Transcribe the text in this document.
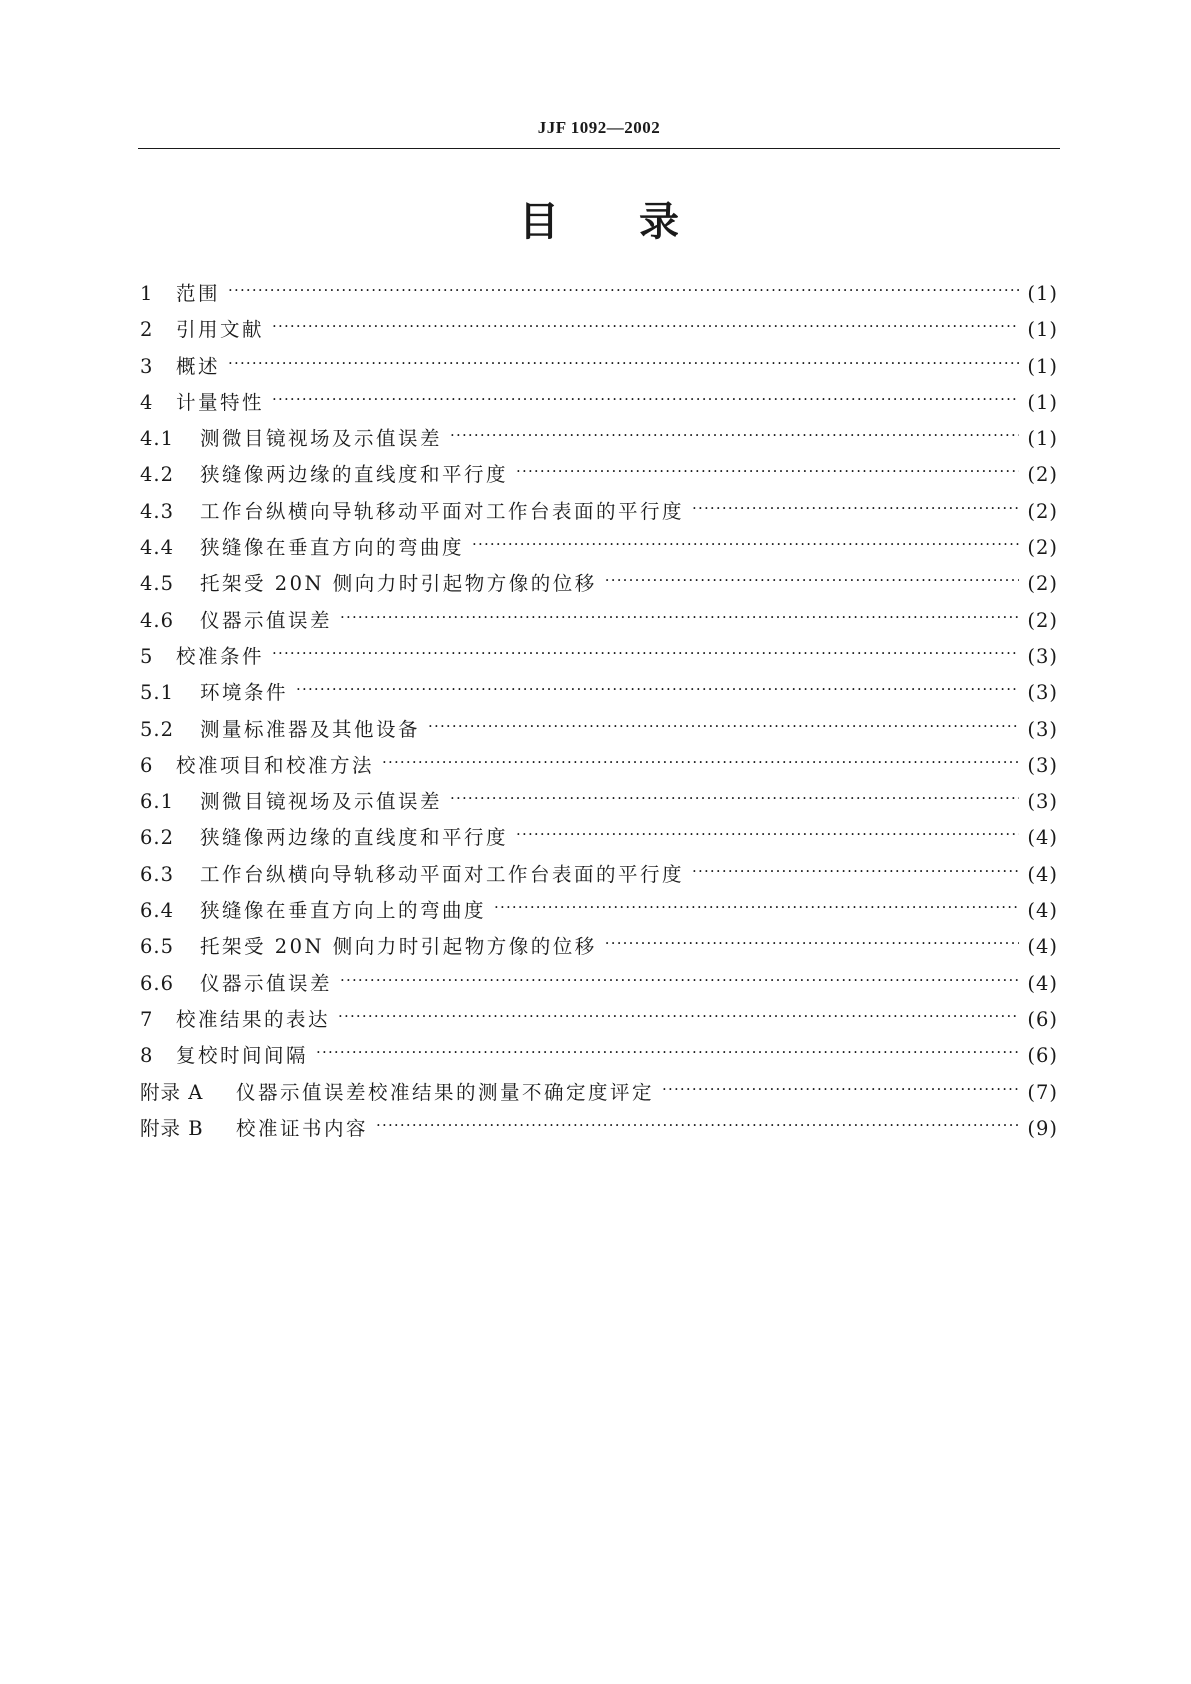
JJF 1092—2002
目 录
1	范围 ·····	(1)
2	引用文献 ·····	(1)
3	概述 ·····	(1)
4	计量特性 ·····	(1)
4.1	测微目镜视场及示值误差 ·····	(1)
4.2	狭缝像两边缘的直线度和平行度 ·····	(2)
4.3	工作台纵横向导轨移动平面对工作台表面的平行度 ·····	(2)
4.4	狭缝像在垂直方向的弯曲度 ·····	(2)
4.5	托架受 20N 侧向力时引起物方像的位移 ·····	(2)
4.6	仪器示值误差 ·····	(2)
5	校准条件 ·····	(3)
5.1	环境条件 ·····	(3)
5.2	测量标准器及其他设备 ·····	(3)
6	校准项目和校准方法 ·····	(3)
6.1	测微目镜视场及示值误差 ·····	(3)
6.2	狭缝像两边缘的直线度和平行度 ·····	(4)
6.3	工作台纵横向导轨移动平面对工作台表面的平行度 ·····	(4)
6.4	狭缝像在垂直方向上的弯曲度 ·····	(4)
6.5	托架受 20N 侧向力时引起物方像的位移 ·····	(4)
6.6	仪器示值误差 ·····	(4)
7	校准结果的表达 ·····	(6)
8	复校时间间隔 ·····	(6)
附录 A	仪器示值误差校准结果的测量不确定度评定 ·····	(7)
附录 B	校准证书内容 ·····	(9)
